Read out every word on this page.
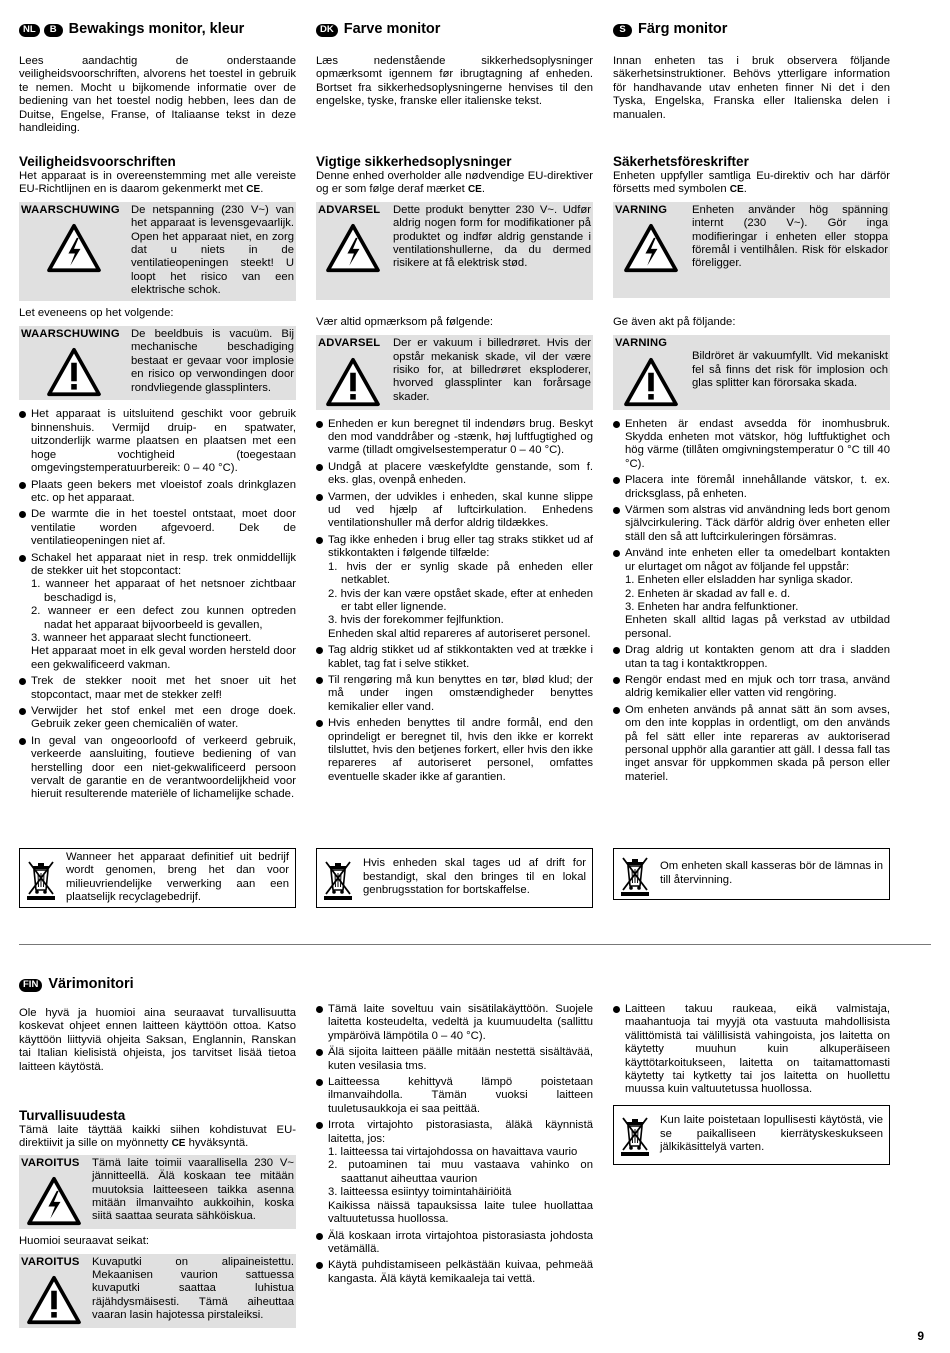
NL	B Bewakings monitor, kleur

Lees aandachtig de onderstaande veiligheidsvoorschriften, alvorens het toestel in gebruik te nemen. Mocht u bijkomende informatie over de bediening van het toestel nodig hebben, lees dan de Duitse, Engelse, Franse, of Italiaanse tekst in deze handleiding.

Veiligheidsvoorschriften

Het apparaat is in overeenstemming met alle vereiste EU-Richtlijnen en is daarom gekenmerkt met CE.

WAARSCHUWING De netspanning (230 V~) van het apparaat is levensgevaarlijk. Open het apparaat niet, en zorg dat u niets in de ventilatieopeningen steekt! U loopt het risico van een elektrische schok.

Let eveneens op het volgende:

WAARSCHUWING De beeldbuis is vacuüm. Bij mechanische beschadiging bestaat er gevaar voor implosie en risico op verwondingen door rondvliegende glassplinters.
Het apparaat is uitsluitend geschikt voor gebruik binnenshuis. Vermijd druip- en spatwater, uitzonderlijk warme plaatsen en plaatsen met een hoge vochtigheid (toegestaan omgevingstemperatuurbereik: 0 – 40 °C).
Plaats geen bekers met vloeistof zoals drinkglazen etc. op het apparaat.
De warmte die in het toestel ontstaat, moet door ventilatie worden afgevoerd. Dek de ventilatieopeningen niet af.
Schakel het apparaat niet in resp. trek onmiddellijk de stekker uit het stopcontact:
1. wanneer het apparaat of het netsnoer zichtbaar beschadigd is,
2. wanneer er een defect zou kunnen optreden nadat het apparaat bijvoorbeeld is gevallen,
3. wanneer het apparaat slecht functioneert.
Het apparaat moet in elk geval worden hersteld door een gekwalificeerd vakman.
Trek de stekker nooit met het snoer uit het stopcontact, maar met de stekker zelf!
Verwijder het stof enkel met een droge doek. Gebruik zeker geen chemicaliën of water.
In geval van ongeoorloofd of verkeerd gebruik, verkeerde aansluiting, foutieve bediening of van herstelling door een niet-gekwalificeerd persoon vervalt de garantie en de verantwoordelijkheid voor hieruit resulterende materiële of lichamelijke schade.
Wanneer het apparaat definitief uit bedrijf wordt genomen, breng het dan voor milieuvriendelijke verwerking aan een plaatselijk recyclagebedrijf.
DK Farve monitor

Læs nedenstående sikkerhedsoplysninger opmærksomt igennem før ibrugtagning af enheden. Bortset fra sikkerhedsoplysningerne henvises til den engelske, tyske, franske eller italienske tekst.

Vigtige sikkerhedsoplysninger

Denne enhed overholder alle nødvendige EU-direktiver og er som følge deraf mærket CE.

ADVARSEL	Dette produkt benytter 230 V~. Udfør aldrig nogen form for modifikationer på produktet og indfør aldrig genstande i ventilationshullerne, da du dermed risikere at få elektrisk stød.

Vær altid opmærksom på følgende:

ADVARSEL	Der er vakuum i billedrøret. Hvis der opstår mekanisk skade, vil der være risiko for, at billedrøret eksploderer, hvorved glassplinter kan forårsage skader.
Enheden er kun beregnet til indendørs brug. Beskyt den mod vanddråber og -stænk, høj luftfugtighed og varme (tilladt omgivelsestemperatur 0 – 40 °C).
Undgå at placere væskefyldte genstande, som f. eks. glas, ovenpå enheden.
Varmen, der udvikles i enheden, skal kunne slippe ud ved hjælp af luftcirkulation. Enhedens ventilationshuller må derfor aldrig tildækkes.
Tag ikke enheden i brug eller tag straks stikket ud af stikkontakten i følgende tilfælde:
1. hvis der er synlig skade på enheden eller netkablet.
2. hvis der kan være opstået skade, efter at enheden er tabt eller lignende.
3. hvis der forekommer fejlfunktion.
Enheden skal altid repareres af autoriseret personel.
Tag aldrig stikket ud af stikkontakten ved at trække i kablet, tag fat i selve stikket.
Til rengøring må kun benyttes en tør, blød klud; der må under ingen omstændigheder benyttes kemikalier eller vand.
Hvis enheden benyttes til andre formål, end den oprindeligt er beregnet til, hvis den ikke er korrekt tilsluttet, hvis den betjenes forkert, eller hvis den ikke repareres af autoriseret personel, omfattes eventuelle skader ikke af garantien.
Hvis enheden skal tages ud af drift for bestandigt, skal den bringes til en lokal genbrugsstation for bortskaffelse.
S Färg monitor

Innan enheten tas i bruk observera följande säkerhetsinstruktioner. Behövs ytterligare information för handhavande utav enheten finner Ni det i den Tyska, Engelska, Franska eller Italienska delen i manualen.

Säkerhetsföreskrifter

Enheten uppfyller samtliga Eu-direktiv och har därför försetts med symbolen CE.

VARNING	Enheten använder hög spänning internt (230 V~). Gör inga modifieringar i enheten eller stoppa föremål i ventilhålen. Risk för elskador föreligger.

Ge även akt på följande:

VARNING
Bildröret är vakuumfyllt. Vid mekaniskt fel så finns det risk för implosion och glas splitter kan förorsaka skada.
Enheten är endast avsedda för inomhusbruk. Skydda enheten mot vätskor, hög luftfuktighet och hög värme (tillåten omgivningstemperatur 0 °C till 40 °C).
Placera inte föremål innehållande vätskor, t. ex. dricksglass, på enheten.
Värmen som alstras vid användning leds bort genom självcirkulering. Täck därför aldrig över enheten eller ställ den så att luftcirkuleringen försämras.
Använd inte enheten eller ta omedelbart kontakten ur elurtaget om något av följande fel uppstår:
1. Enheten eller elsladden har synliga skador.
2. Enheten är skadad av fall e. d.
3. Enheten har andra felfunktioner.
Enheten skall alltid lagas på verkstad av utbildad personal.
Drag aldrig ut kontakten genom att dra i sladden utan ta tag i kontaktkroppen.
Rengör endast med en mjuk och torr trasa, använd aldrig kemikalier eller vatten vid rengöring.
Om enheten används på annat sätt än som avses, om den inte kopplas in ordentligt, om den används på fel sätt eller inte repareras av auktoriserad personal upphör alla garantier att gäll. I dessa fall tas inget ansvar för uppkommen skada på person eller materiel.
Om enheten skall kasseras bör de lämnas in till återvinning.
FIN Värimonitori

Ole hyvä ja huomioi aina seuraavat turvallisuutta koskevat ohjeet ennen laitteen käyttöön ottoa. Katso käyttöön liittyviä ohjeita Saksan, Englannin, Ranskan tai Italian kielisistä ohjeista, jos tarvitset lisää tietoa laitteen käytöstä.

Turvallisuudesta

Tämä laite täyttää kaikki siihen kohdistuvat EU-direktiivit ja sille on myönnetty CE hyväksyntä.

VAROITUS	Tämä laite toimii vaarallisella 230 V~ jännitteellä. Älä koskaan tee mitään muutoksia laitteeseen taikka asenna mitään ilmanvaihto aukkoihin, koska siitä saattaa seurata sähköiskua.

Huomioi seuraavat seikat:

VAROITUS	Kuvaputki on alipaineistettu. Mekaanisen vaurion sattuessa kuvaputki saattaa luhistua räjähdysmäisesti. Tämä aiheuttaa vaaran lasin hajotessa pirstaleiksi.
Tämä laite soveltuu vain sisätilakäyttöön. Suojele laitetta kosteudelta, vedeltä ja kuumuudelta (sallittu ympäröivä lämpötila 0 – 40 °C).
Älä sijoita laitteen päälle mitään nestettä sisältävää, kuten vesilasia tms.
Laitteessa kehittyvä lämpö poistetaan ilmanvaihdolla. Tämän vuoksi laitteen tuuletusaukkoja ei saa peittää.
Irrota virtajohto pistorasiasta, äläkä käynnistä laitetta, jos:
1. laitteessa tai virtajohdossa on havaittava vaurio
2. putoaminen tai muu vastaava vahinko on saattanut aiheuttaa vaurion
3. laitteessa esiintyy toimintahäiriöitä
Kaikissa näissä tapauksissa laite tulee huollattaa valtuutetussa huollossa.
Älä koskaan irrota virtajohtoa pistorasiasta johdosta vetämällä.
Käytä puhdistamiseen pelkästään kuivaa, pehmeää kangasta. Älä käytä kemikaaleja tai vettä.
Laitteen takuu raukeaa, eikä valmistaja, maahantuoja tai myyjä ota vastuuta mahdollisista välittömistä tai välillisistä vahingoista, jos laitetta on käytetty muuhun kuin alkuperäiseen käyttötarkoitukseen, laitetta on taitamattomasti käytetty tai kytketty tai jos laitetta on huollettu muussa kuin valtuutetussa huollossa.
Kun laite poistetaan lopullisesti käytöstä, vie se paikalliseen kierrätyskeskukseen jälkikäsittelyä varten.
9
